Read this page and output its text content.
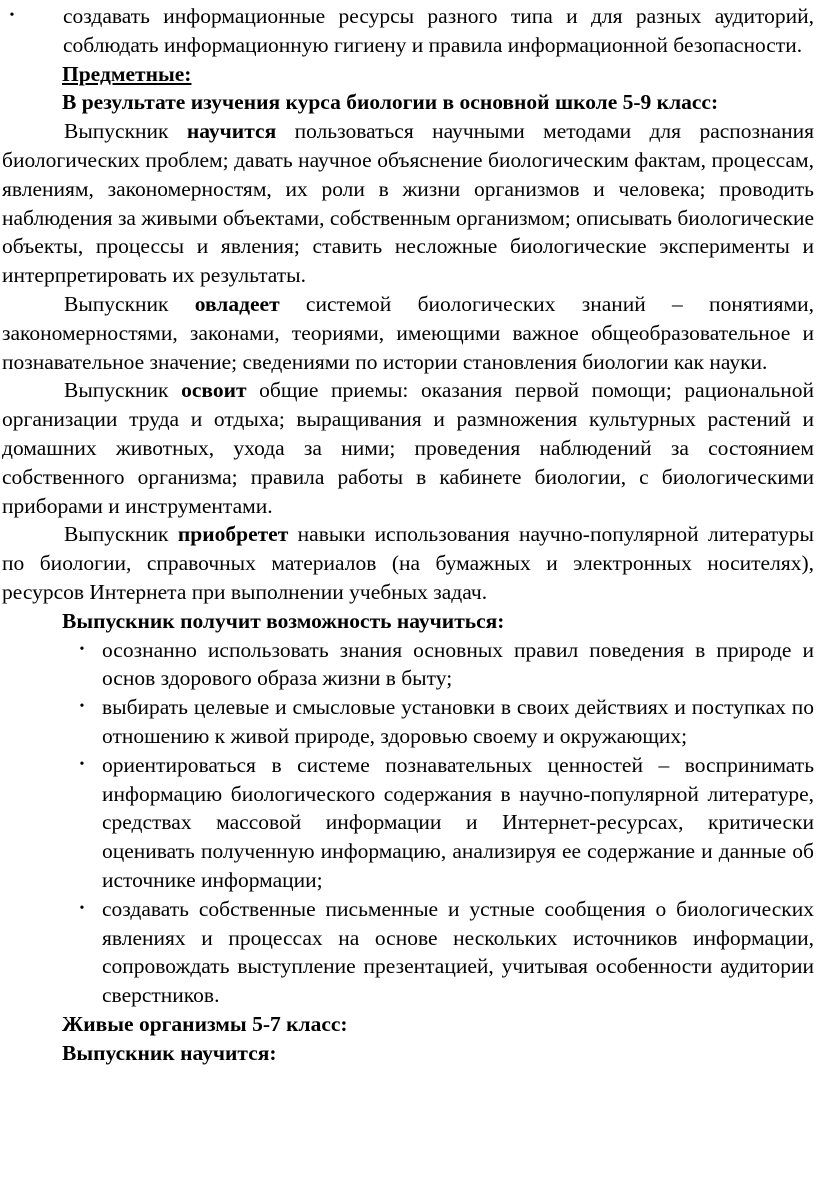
•	создавать информационные ресурсы разного типа и для разных аудиторий, соблюдать информационную гигиену и правила информационной безопасности.

Предметные:

В результате изучения курса биологии в основной школе 5-9 класс:

Выпускник научится пользоваться научными методами для распознания биологических проблем; давать научное объяснение биологическим фактам, процессам, явлениям, закономерностям, их роли в жизни организмов и человека; проводить наблюдения за живыми объектами, собственным организмом; описывать биологические объекты, процессы и явления; ставить несложные биологические эксперименты и интерпретировать их результаты.

Выпускник овладеет системой биологических знаний – понятиями, закономерностями, законами, теориями, имеющими важное общеобразовательное и познавательное значение; сведениями по истории становления биологии как науки.

Выпускник освоит общие приемы: оказания первой помощи; рациональной организации труда и отдыха; выращивания и размножения культурных растений и домашних животных, ухода за ними; проведения наблюдений за состоянием собственного организма; правила работы в кабинете биологии, с биологическими приборами и инструментами.

Выпускник приобретет навыки использования научно-популярной литературы по биологии, справочных материалов (на бумажных и электронных носителях), ресурсов Интернета при выполнении учебных задач.

Выпускник получит возможность научиться:

• осознанно использовать знания основных правил поведения в природе и основ здорового образа жизни в быту;
• выбирать целевые и смысловые установки в своих действиях и поступках по отношению к живой природе, здоровью своему и окружающих;
• ориентироваться в системе познавательных ценностей – воспринимать информацию биологического содержания в научно-популярной литературе, средствах массовой информации и Интернет-ресурсах, критически оценивать полученную информацию, анализируя ее содержание и данные об источнике информации;
• создавать собственные письменные и устные сообщения о биологических явлениях и процессах на основе нескольких источников информации, сопровождать выступление презентацией, учитывая особенности аудитории сверстников.

Живые организмы 5-7 класс:

Выпускник научится:
